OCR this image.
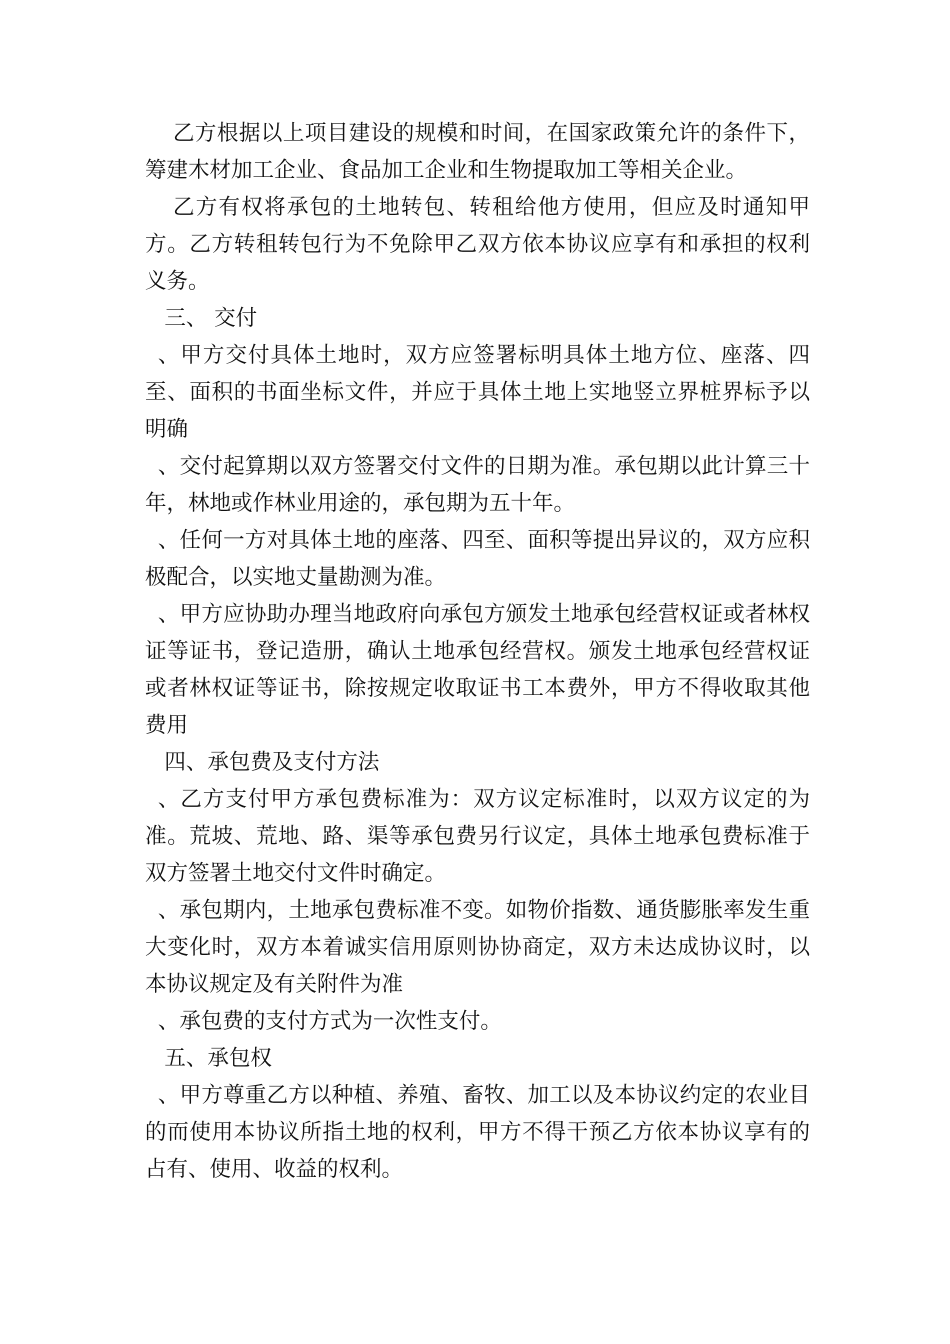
乙方根据以上项目建设的规模和时间，在国家政策允许的条件下，筹建木材加工企业、食品加工企业和生物提取加工等相关企业。

乙方有权将承包的土地转包、转租给他方使用，但应及时通知甲方。乙方转租转包行为不免除甲乙双方依本协议应享有和承担的权利义务。

三、 交付

、甲方交付具体土地时，双方应签署标明具体土地方位、座落、四至、面积的书面坐标文件，并应于具体土地上实地竖立界桩界标予以明确

、交付起算期以双方签署交付文件的日期为准。承包期以此计算三十年，林地或作林业用途的，承包期为五十年。

、任何一方对具体土地的座落、四至、面积等提出异议的，双方应积极配合，以实地丈量勘测为准。

、甲方应协助办理当地政府向承包方颁发土地承包经营权证或者林权证等证书，登记造册，确认土地承包经营权。颁发土地承包经营权证或者林权证等证书，除按规定收取证书工本费外，甲方不得收取其他费用

四、承包费及支付方法

、乙方支付甲方承包费标准为：双方议定标准时，以双方议定的为准。荒坡、荒地、路、渠等承包费另行议定，具体土地承包费标准于双方签署土地交付文件时确定。

、承包期内，土地承包费标准不变。如物价指数、通货膨胀率发生重大变化时，双方本着诚实信用原则协协商定，双方未达成协议时，以本协议规定及有关附件为准

、承包费的支付方式为一次性支付。

五、承包权

、甲方尊重乙方以种植、养殖、畜牧、加工以及本协议约定的农业目的而使用本协议所指土地的权利，甲方不得干预乙方依本协议享有的占有、使用、收益的权利。
